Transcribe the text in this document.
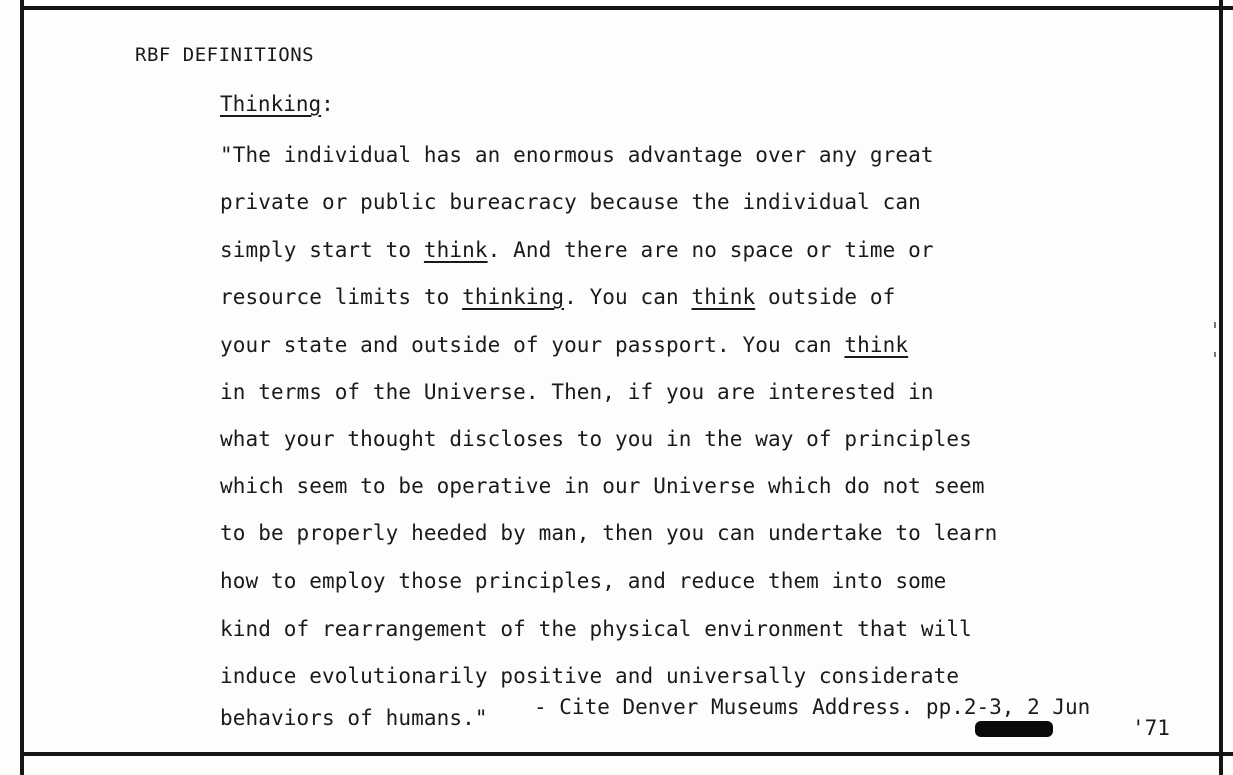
RBF DEFINITIONS
Thinking:
"The individual has an enormous advantage over any great
private or public bureacracy because the individual can
simply start to think. And there are no space or time or
resource limits to thinking. You can think outside of
your state and outside of your passport. You can think
in terms of the Universe. Then, if you are interested in
what your thought discloses to you in the way of principles
which seem to be operative in our Universe which do not seem
to be properly heeded by man, then you can undertake to learn
how to employ those principles, and reduce them into some
kind of rearrangement of the physical environment that will
induce evolutionarily positive and universally considerate
behaviors of humans." - Cite Denver Museums Address. pp.2-3, 2 Jun
'71
